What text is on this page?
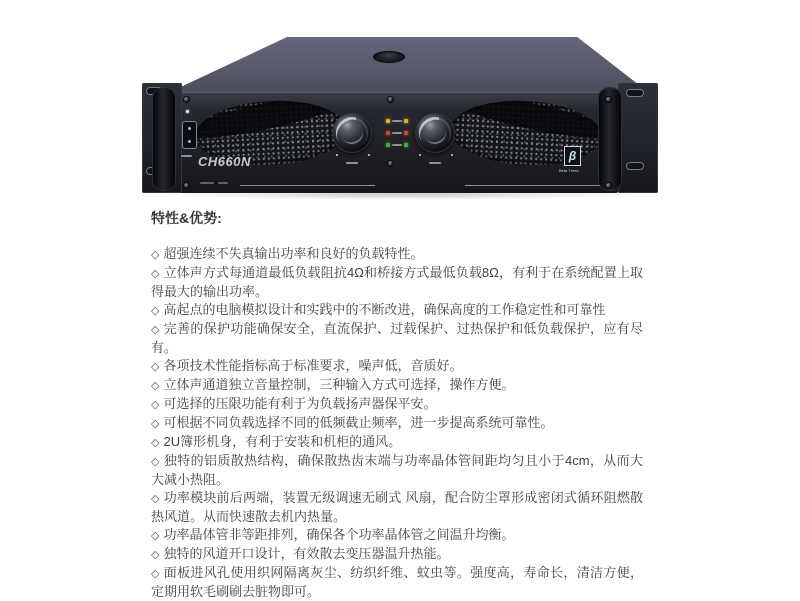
CH660N	β
Beta Three
特性&优势:
◇ 超强连续不失真输出功率和良好的负载特性。
◇ 立体声方式每通道最低负载阻抗4Ω和桥接方式最低负载8Ω，有利于在系统配置上取得最大的输出功率。
◇ 高起点的电脑模拟设计和实践中的不断改进，确保高度的工作稳定性和可靠性
◇ 完善的保护功能确保安全，直流保护、过载保护、过热保护和低负载保护，应有尽有。
◇ 各项技术性能指标高于标准要求，噪声低，音质好。
◇ 立体声通道独立音量控制，三种输入方式可选择，操作方便。
◇ 可选择的压限功能有利于为负载扬声器保平安。
◇ 可根据不同负载选择不同的低频截止频率，进一步提高系统可靠性。
◇ 2U簿形机身，有利于安装和机柜的通风。
◇ 独特的铝质散热结构，确保散热齿末端与功率晶体管间距均匀且小于4cm，从而大大减小热阻。
◇ 功率模块前后两端，装置无级调速无刷式 风扇，配合防尘罩形成密闭式循环阻燃散热风道。从而快速散去机内热量。
◇ 功率晶体管非等距排列，确保各个功率晶体管之间温升均衡。
◇ 独特的风道开口设计，有效散去变压器温升热能。
◇ 面板进风孔使用织网隔离灰尘、纺织纤维、蚊虫等。强度高，寿命长，清洁方便，定期用软毛刷刷去脏物即可。
